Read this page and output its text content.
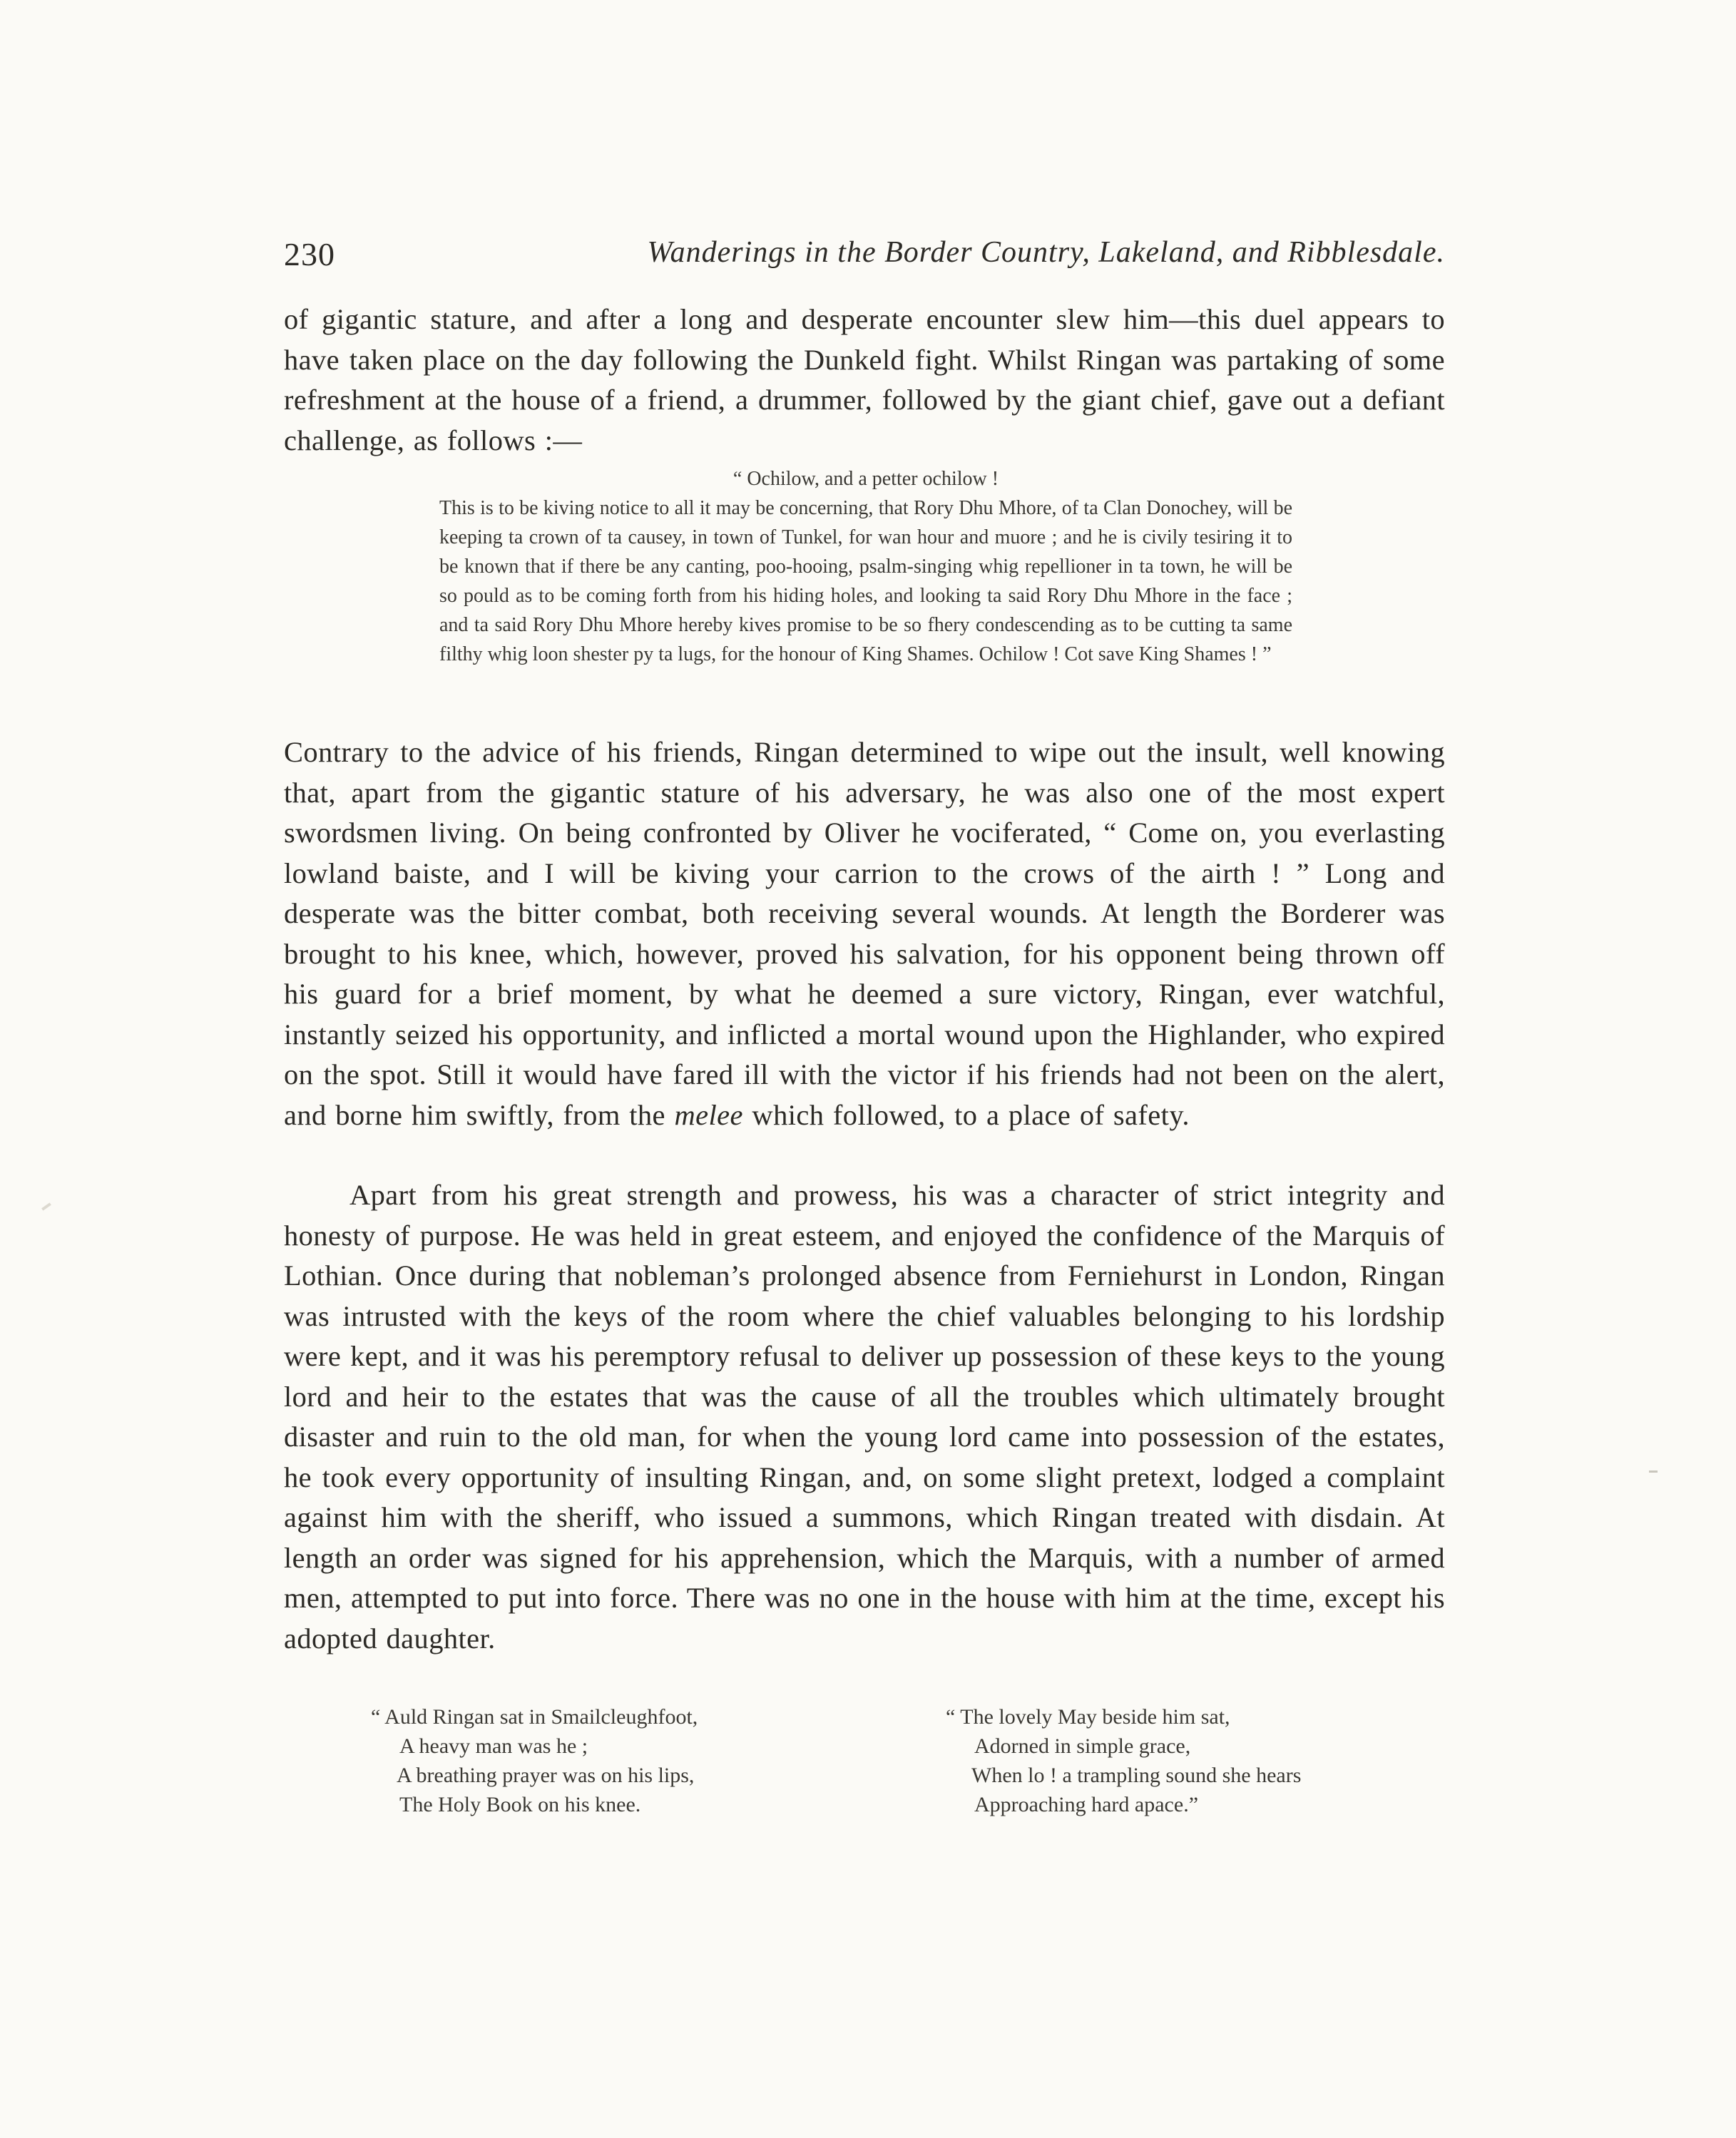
230	Wanderings in the Border Country, Lakeland, and Ribblesdale.

of gigantic stature, and after a long and desperate encounter slew him—this duel appears to have taken place on the day following the Dunkeld fight. Whilst Ringan was partaking of some refreshment at the house of a friend, a drummer, followed by the giant chief, gave out a defiant challenge, as follows :—

“ Ochilow, and a petter ochilow !

This is to be kiving notice to all it may be concerning, that Rory Dhu Mhore, of ta Clan Donochey, will be keeping ta crown of ta causey, in town of Tunkel, for wan hour and muore ; and he is civily tesiring it to be known that if there be any canting, poo-hooing, psalm-singing whig repellioner in ta town, he will be so pould as to be coming forth from his hiding holes, and looking ta said Rory Dhu Mhore in the face ; and ta said Rory Dhu Mhore hereby kives promise to be so fhery condescending as to be cutting ta same filthy whig loon shester py ta lugs, for the honour of King Shames. Ochilow ! Cot save King Shames ! ”

Contrary to the advice of his friends, Ringan determined to wipe out the insult, well knowing that, apart from the gigantic stature of his adversary, he was also one of the most expert swordsmen living. On being confronted by Oliver he vociferated, “ Come on, you everlasting lowland baiste, and I will be kiving your carrion to the crows of the airth ! ” Long and desperate was the bitter combat, both receiving several wounds. At length the Borderer was brought to his knee, which, however, proved his salvation, for his opponent being thrown off his guard for a brief moment, by what he deemed a sure victory, Ringan, ever watchful, instantly seized his opportunity, and inflicted a mortal wound upon the Highlander, who expired on the spot. Still it would have fared ill with the victor if his friends had not been on the alert, and borne him swiftly, from the melee which followed, to a place of safety.

Apart from his great strength and prowess, his was a character of strict integrity and honesty of purpose. He was held in great esteem, and enjoyed the confidence of the Marquis of Lothian. Once during that nobleman’s prolonged absence from Ferniehurst in London, Ringan was intrusted with the keys of the room where the chief valuables belonging to his lordship were kept, and it was his peremptory refusal to deliver up possession of these keys to the young lord and heir to the estates that was the cause of all the troubles which ultimately brought disaster and ruin to the old man, for when the young lord came into possession of the estates, he took every opportunity of insulting Ringan, and, on some slight pretext, lodged a complaint against him with the sheriff, who issued a summons, which Ringan treated with disdain. At length an order was signed for his apprehension, which the Marquis, with a number of armed men, attempted to put into force. There was no one in the house with him at the time, except his adopted daughter.

“ Auld Ringan sat in Smailcleughfoot,
A heavy man was he ;
A breathing prayer was on his lips,
The Holy Book on his knee.
“ The lovely May beside him sat,
Adorned in simple grace,
When lo ! a trampling sound she hears
Approaching hard apace.”
